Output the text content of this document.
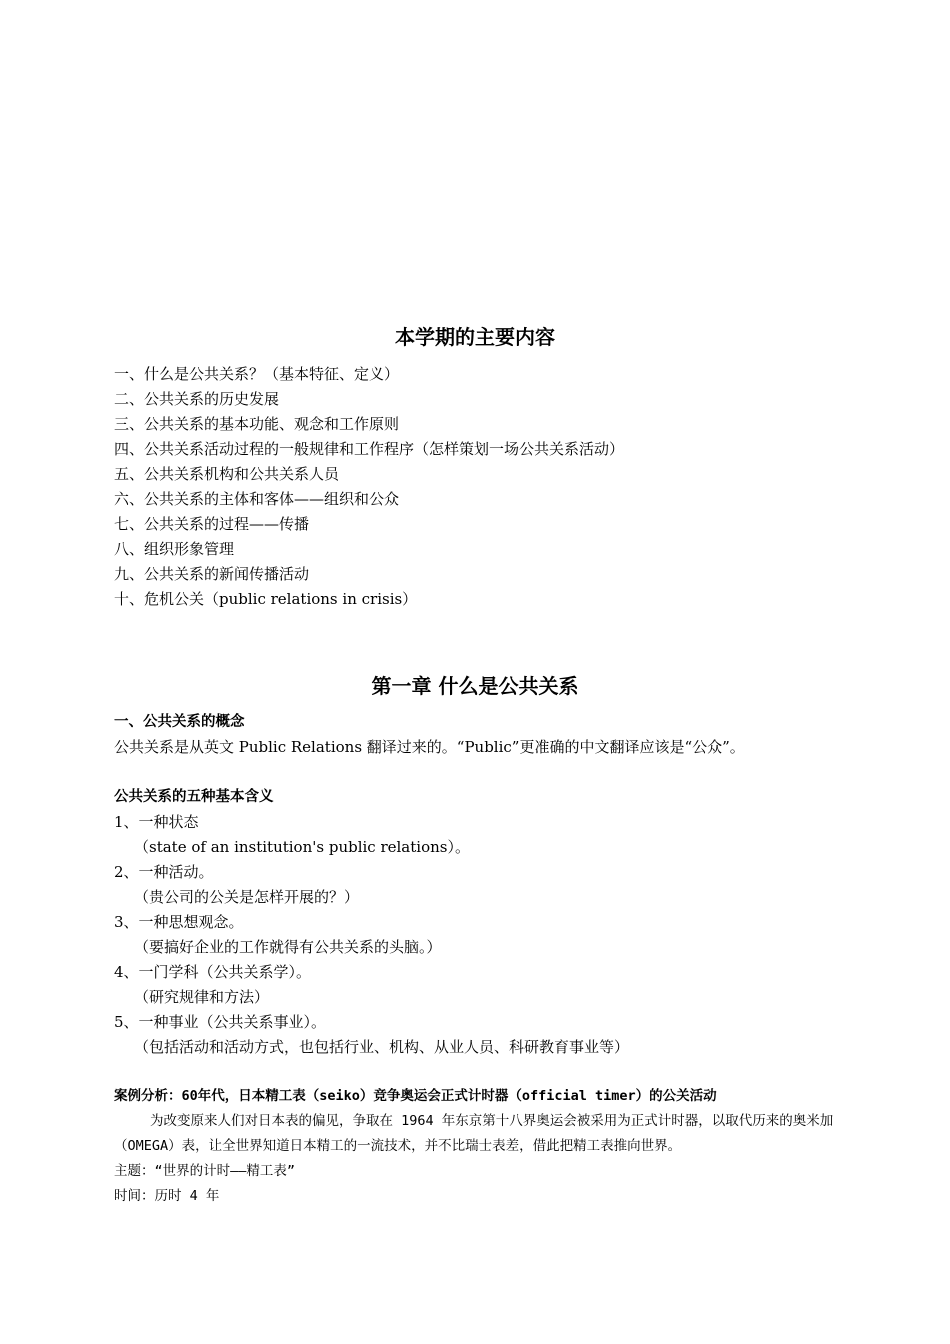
本学期的主要内容
一、什么是公共关系？（基本特征、定义）
二、公共关系的历史发展
三、公共关系的基本功能、观念和工作原则
四、公共关系活动过程的一般规律和工作程序（怎样策划一场公共关系活动）
五、公共关系机构和公共关系人员
六、公共关系的主体和客体——组织和公众
七、公共关系的过程——传播
八、组织形象管理
九、公共关系的新闻传播活动
十、危机公关（public relations in crisis）
第一章 什么是公共关系
一、公共关系的概念
公共关系是从英文 Public Relations 翻译过来的。“Public”更准确的中文翻译应该是“公众”。
公共关系的五种基本含义
1、一种状态
（state of an institution's public relations）。
2、一种活动。
（贵公司的公关是怎样开展的？）
3、一种思想观念。
（要搞好企业的工作就得有公共关系的头脑。）
4、一门学科（公共关系学）。
（研究规律和方法）
5、一种事业（公共关系事业）。
（包括活动和活动方式，也包括行业、机构、从业人员、科研教育事业等）
案例分析：60年代，日本精工表（seiko）竞争奥运会正式计时器（official timer）的公关活动
为改变原来人们对日本表的偏见，争取在 1964 年东京第十八界奥运会被采用为正式计时器，以取代历来的奥米加（OMEGA）表，让全世界知道日本精工的一流技术，并不比瑞士表差，借此把精工表推向世界。
主题：“世界的计时——精工表”
时间：历时 4 年
